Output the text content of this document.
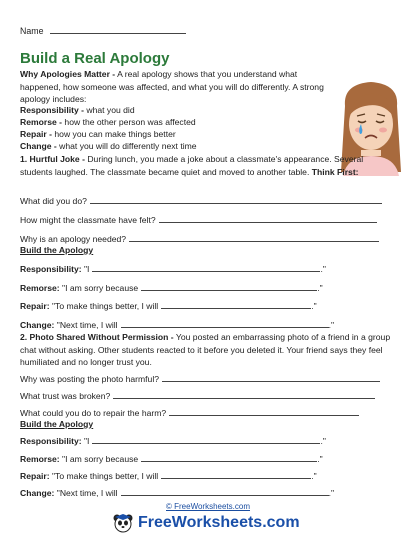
Name
Build a Real Apology
Why Apologies Matter - A real apology shows that you understand what happened, how someone was affected, and what you will do differently. A strong apology includes:
Responsibility - what you did
Remorse - how the other person was affected
Repair - how you can make things better
Change - what you will do differently next time
1. Hurtful Joke - During lunch, you made a joke about a classmate's appearance. Several students laughed. The classmate became quiet and moved to another table. Think First:
What did you do?
How might the classmate have felt?
Why is an apology needed?
Build the Apology
Responsibility: "I	."
Remorse: "I am sorry because	."
Repair: "To make things better, I will	."
Change: "Next time, I will	."
2. Photo Shared Without Permission - You posted an embarrassing photo of a friend in a group chat without asking. Other students reacted to it before you deleted it. Your friend says they feel humiliated and no longer trust you.
Why was posting the photo harmful?
What trust was broken?
What could you do to repair the harm?
Build the Apology
Responsibility: "I	."
Remorse: "I am sorry because	."
Repair: "To make things better, I will	."
Change: "Next time, I will	."
© FreeWorksheets.com
FreeWorksheets.com
